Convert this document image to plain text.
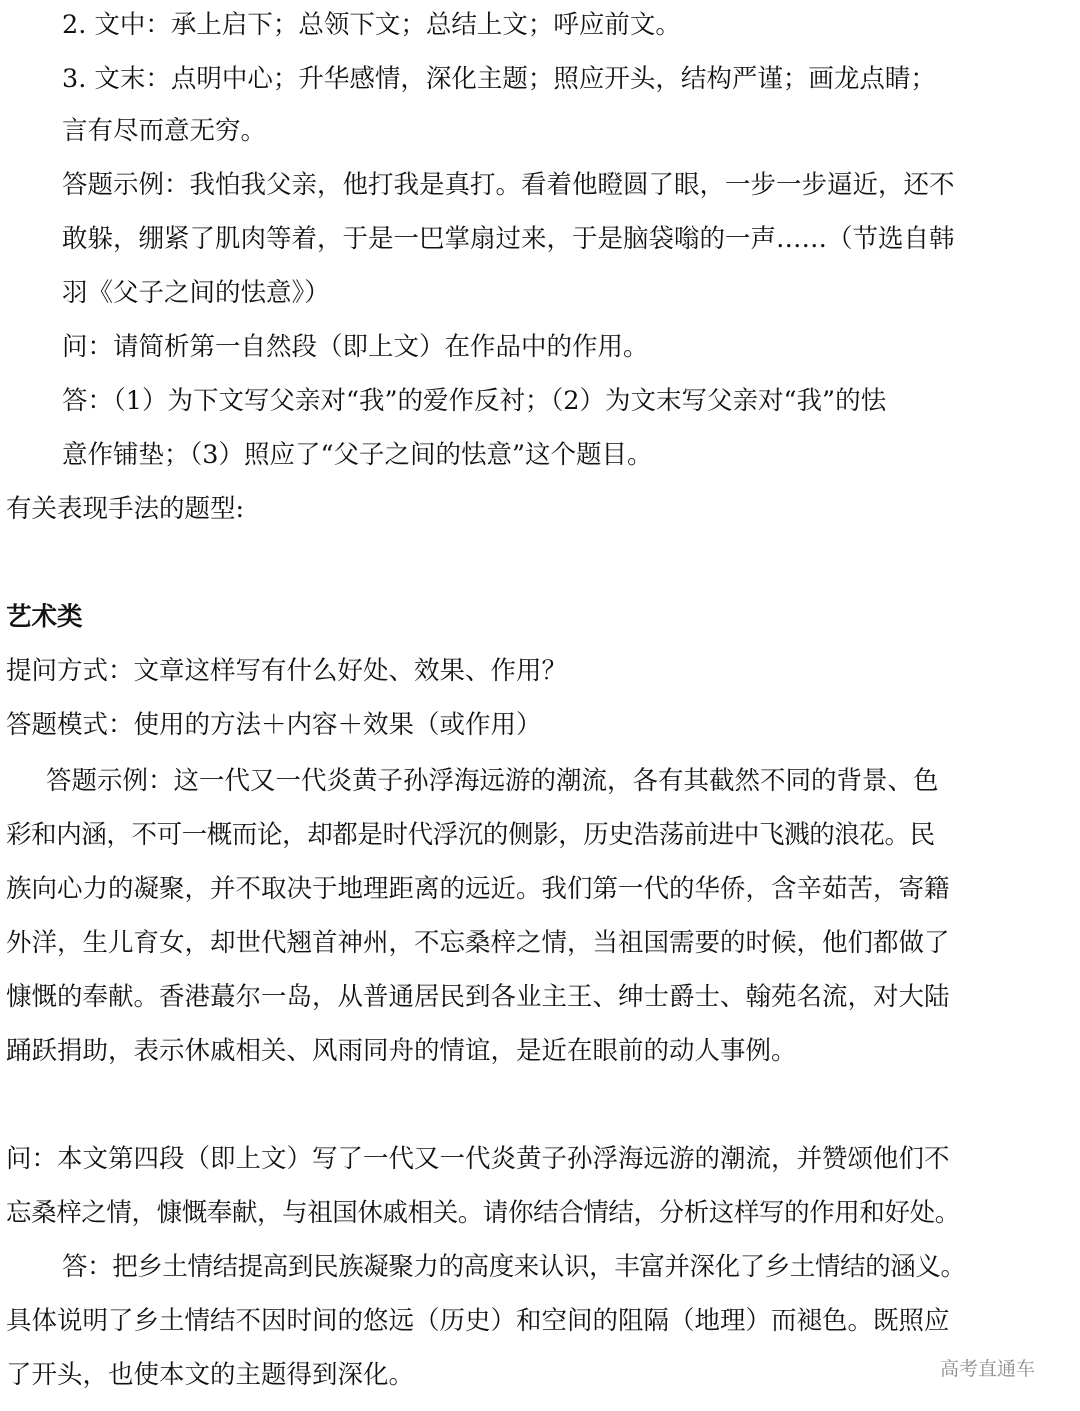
2. 文中：承上启下；总领下文；总结上文；呼应前文。
3. 文末：点明中心；升华感情，深化主题；照应开头，结构严谨；画龙点睛；
言有尽而意无穷。
答题示例：我怕我父亲，他打我是真打。看着他瞪圆了眼，一步一步逼近，还不
敢躲，绷紧了肌肉等着，于是一巴掌扇过来，于是脑袋嗡的一声……（节选自韩
羽《父子之间的怯意》）
问：请简析第一自然段（即上文）在作品中的作用。
答：（1）为下文写父亲对“我”的爱作反衬；（2）为文末写父亲对“我”的怯
意作铺垫；（3）照应了“父子之间的怯意”这个题目。
有关表现手法的题型:
艺术类
提问方式：文章这样写有什么好处、效果、作用？
答题模式：使用的方法＋内容＋效果（或作用）
答题示例：这一代又一代炎黄子孙浮海远游的潮流，各有其截然不同的背景、色
彩和内涵，不可一概而论，却都是时代浮沉的侧影，历史浩荡前进中飞溅的浪花。民
族向心力的凝聚，并不取决于地理距离的远近。我们第一代的华侨，含辛茹苦，寄籍
外洋，生儿育女，却世代翘首神州，不忘桑梓之情，当祖国需要的时候，他们都做了
慷慨的奉献。香港蕞尔一岛，从普通居民到各业主王、绅士爵士、翰苑名流，对大陆
踊跃捐助，表示休戚相关、风雨同舟的情谊，是近在眼前的动人事例。
问：本文第四段（即上文）写了一代又一代炎黄子孙浮海远游的潮流，并赞颂他们不
忘桑梓之情，慷慨奉献，与祖国休戚相关。请你结合情结，分析这样写的作用和好处。
答：把乡土情结提高到民族凝聚力的高度来认识，丰富并深化了乡土情结的涵义。
具体说明了乡土情结不因时间的悠远（历史）和空间的阻隔（地理）而褪色。既照应
了开头，也使本文的主题得到深化。	高考直通车
